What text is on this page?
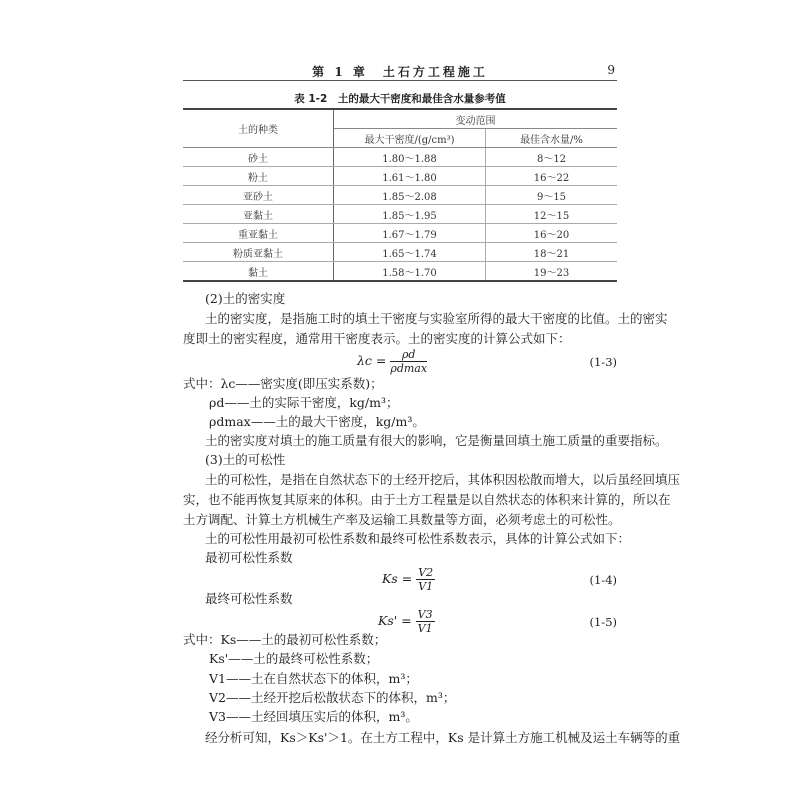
第 1 章　土石方工程施工	9
表 1-2　土的最大干密度和最佳含水量参考值
土的种类	变动范围	
	最大干密度/(g/cm³)	最佳含水量/%
砂土	1.80～1.88	8～12
粉土	1.61～1.80	16～22
亚砂土	1.85～2.08	9～15
亚黏土	1.85～1.95	12～15
重亚黏土	1.67～1.79	16～20
粉质亚黏土	1.65～1.74	18～21
黏土	1.58～1.70	19～23
(2)土的密实度
土的密实度，是指施工时的填土干密度与实验室所得的最大干密度的比值。土的密实
度即土的密实程度，通常用干密度表示。土的密实度的计算公式如下：
$\lambda c = \frac{\rho d}{\rho dmax}$	(1-3)
式中：λc——密实度(即压实系数)；
ρd——土的实际干密度，kg/m³；
ρdmax——土的最大干密度，kg/m³。
土的密实度对填土的施工质量有很大的影响，它是衡量回填土施工质量的重要指标。
(3)土的可松性
土的可松性，是指在自然状态下的土经开挖后，其体积因松散而增大，以后虽经回填压
实，也不能再恢复其原来的体积。由于土方工程量是以自然状态的体积来计算的，所以在
土方调配、计算土方机械生产率及运输工具数量等方面，必须考虑土的可松性。
土的可松性用最初可松性系数和最终可松性系数表示，具体的计算公式如下：
最初可松性系数
$Ks = \frac{V2}{V1}$	(1-4)
最终可松性系数
$Ks' = \frac{V3}{V1}$	(1-5)
式中：Ks——土的最初可松性系数；
Ks'——土的最终可松性系数；
V1——土在自然状态下的体积，m³；
V2——土经开挖后松散状态下的体积，m³；
V3——土经回填压实后的体积，m³。
经分析可知，Ks＞Ks'＞1。在土方工程中，Ks 是计算土方施工机械及运土车辆等的重
